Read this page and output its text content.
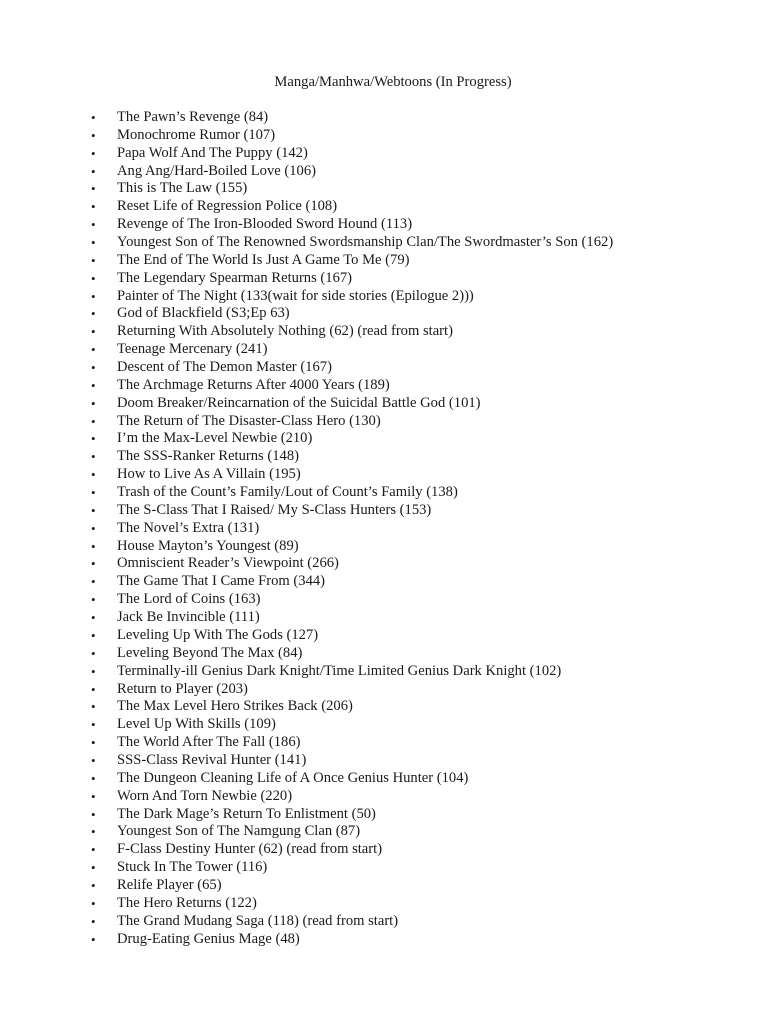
Manga/Manhwa/Webtoons (In Progress)
• The Pawn’s Revenge (84)
• Monochrome Rumor (107)
• Papa Wolf And The Puppy (142)
• Ang Ang/Hard-Boiled Love (106)
• This is The Law (155)
• Reset Life of Regression Police (108)
• Revenge of The Iron-Blooded Sword Hound (113)
• Youngest Son of The Renowned Swordsmanship Clan/The Swordmaster’s Son (162)
• The End of The World Is Just A Game To Me (79)
• The Legendary Spearman Returns (167)
• Painter of The Night (133(wait for side stories (Epilogue 2)))
• God of Blackfield (S3;Ep 63)
• Returning With Absolutely Nothing (62) (read from start)
• Teenage Mercenary (241)
• Descent of The Demon Master (167)
• The Archmage Returns After 4000 Years (189)
• Doom Breaker/Reincarnation of the Suicidal Battle God (101)
• The Return of The Disaster-Class Hero (130)
• I’m the Max-Level Newbie (210)
• The SSS-Ranker Returns (148)
• How to Live As A Villain (195)
• Trash of the Count’s Family/Lout of Count’s Family (138)
• The S-Class That I Raised/ My S-Class Hunters (153)
• The Novel’s Extra (131)
• House Mayton’s Youngest (89)
• Omniscient Reader’s Viewpoint (266)
• The Game That I Came From (344)
• The Lord of Coins (163)
• Jack Be Invincible (111)
• Leveling Up With The Gods (127)
• Leveling Beyond The Max (84)
• Terminally-ill Genius Dark Knight/Time Limited Genius Dark Knight (102)
• Return to Player (203)
• The Max Level Hero Strikes Back (206)
• Level Up With Skills (109)
• The World After The Fall (186)
• SSS-Class Revival Hunter (141)
• The Dungeon Cleaning Life of A Once Genius Hunter (104)
• Worn And Torn Newbie (220)
• The Dark Mage’s Return To Enlistment (50)
• Youngest Son of The Namgung Clan (87)
• F-Class Destiny Hunter (62) (read from start)
• Stuck In The Tower (116)
• Relife Player (65)
• The Hero Returns (122)
• The Grand Mudang Saga (118) (read from start)
• Drug-Eating Genius Mage (48)
